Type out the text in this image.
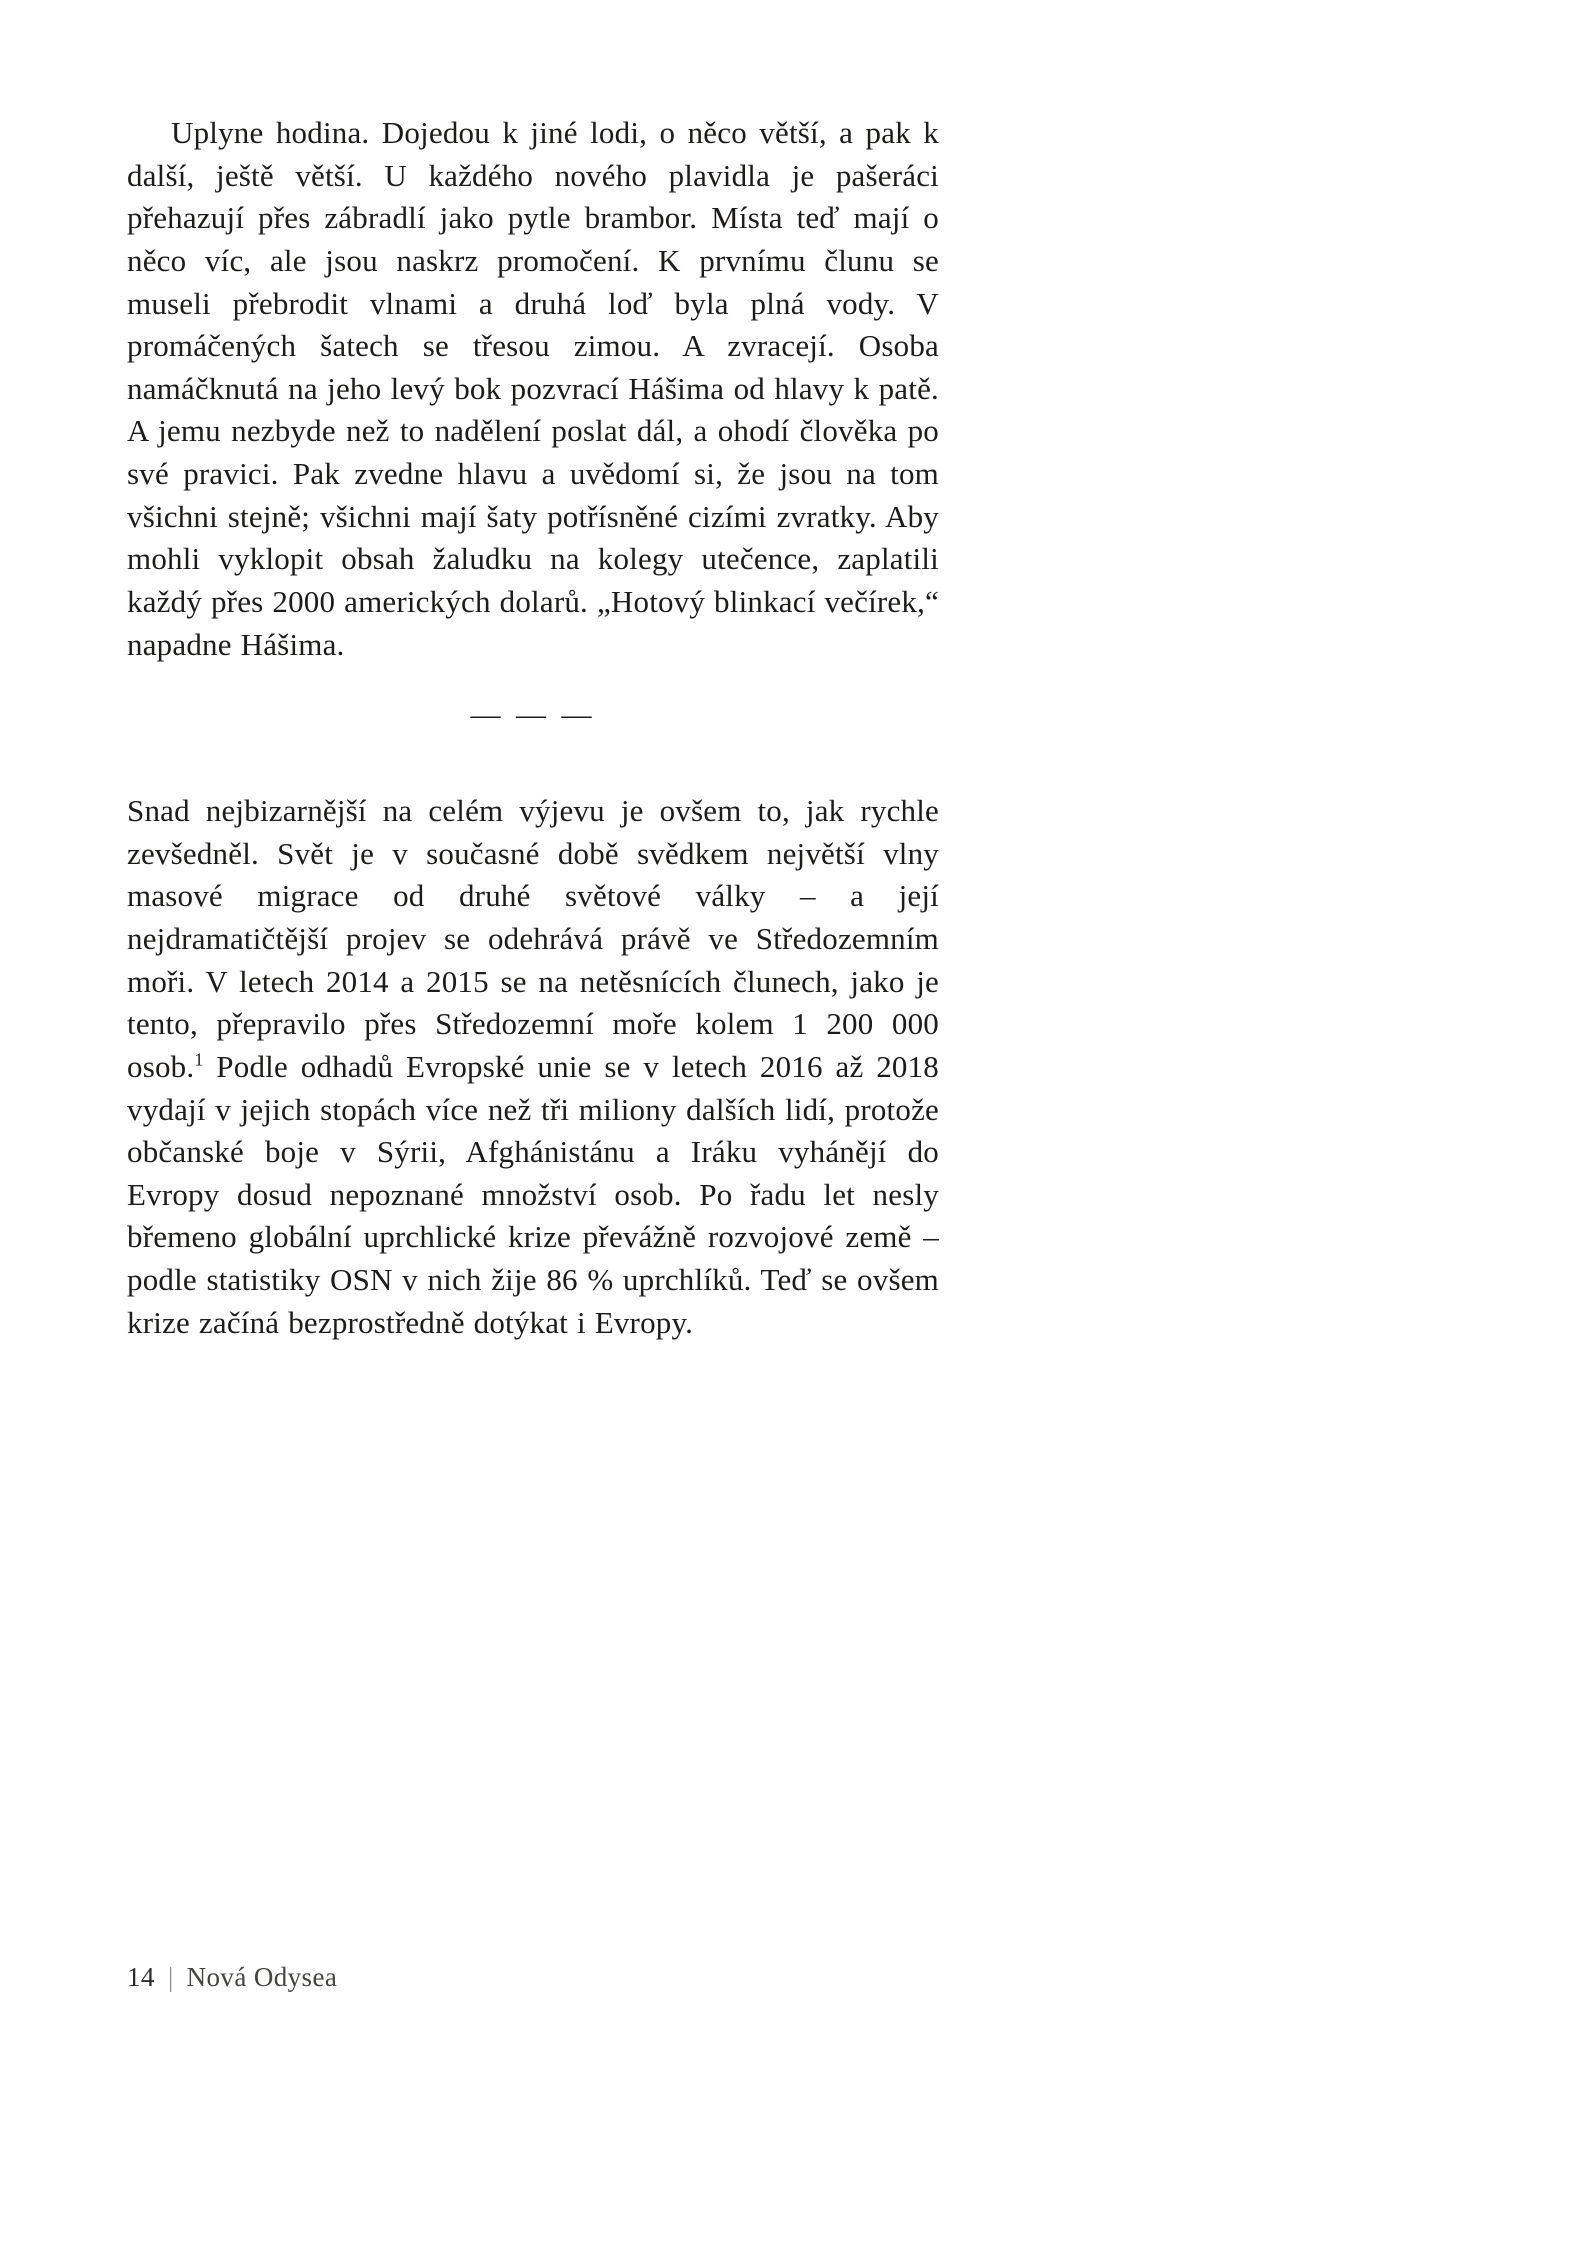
Uplyne hodina. Dojedou k jiné lodi, o něco větší, a pak k další, ještě větší. U každého nového plavidla je pašeráci přehazují přes zábradlí jako pytle brambor. Místa teď mají o něco víc, ale jsou naskrz promočení. K prvnímu člunu se museli přebrodit vlnami a druhá loď byla plná vody. V promáčených šatech se třesou zimou. A zvracejí. Osoba namáčknutá na jeho levý bok pozvrací Hášima od hlavy k patě. A jemu nezbyde než to nadělení poslat dál, a ohodí člověka po své pravici. Pak zvedne hlavu a uvědomí si, že jsou na tom všichni stejně; všichni mají šaty potřísněné cizími zvratky. Aby mohli vyklopit obsah žaludku na kolegy utečence, zaplatili každý přes 2000 amerických dolarů. „Hotový blinkací večírek,“ napadne Hášima.

— — —

Snad nejbizarnější na celém výjevu je ovšem to, jak rychle zevšedněl. Svět je v současné době svědkem největší vlny masové migrace od druhé světové války – a její nejdramatičtější projev se odehrává právě ve Středozemním moři. V letech 2014 a 2015 se na netěsnících člunech, jako je tento, přepravilo přes Středozemní moře kolem 1 200 000 osob.$^1$ Podle odhadů Evropské unie se v letech 2016 až 2018 vydají v jejich stopách více než tři miliony dalších lidí, protože občanské boje v Sýrii, Afghánistánu a Iráku vyhánějí do Evropy dosud nepoznané množství osob. Po řadu let nesly břemeno globální uprchlické krize převážně rozvojové země – podle statistiky OSN v nich žije 86 % uprchlíků. Teď se ovšem krize začíná bezprostředně dotýkat i Evropy.

14 | Nová Odysea
